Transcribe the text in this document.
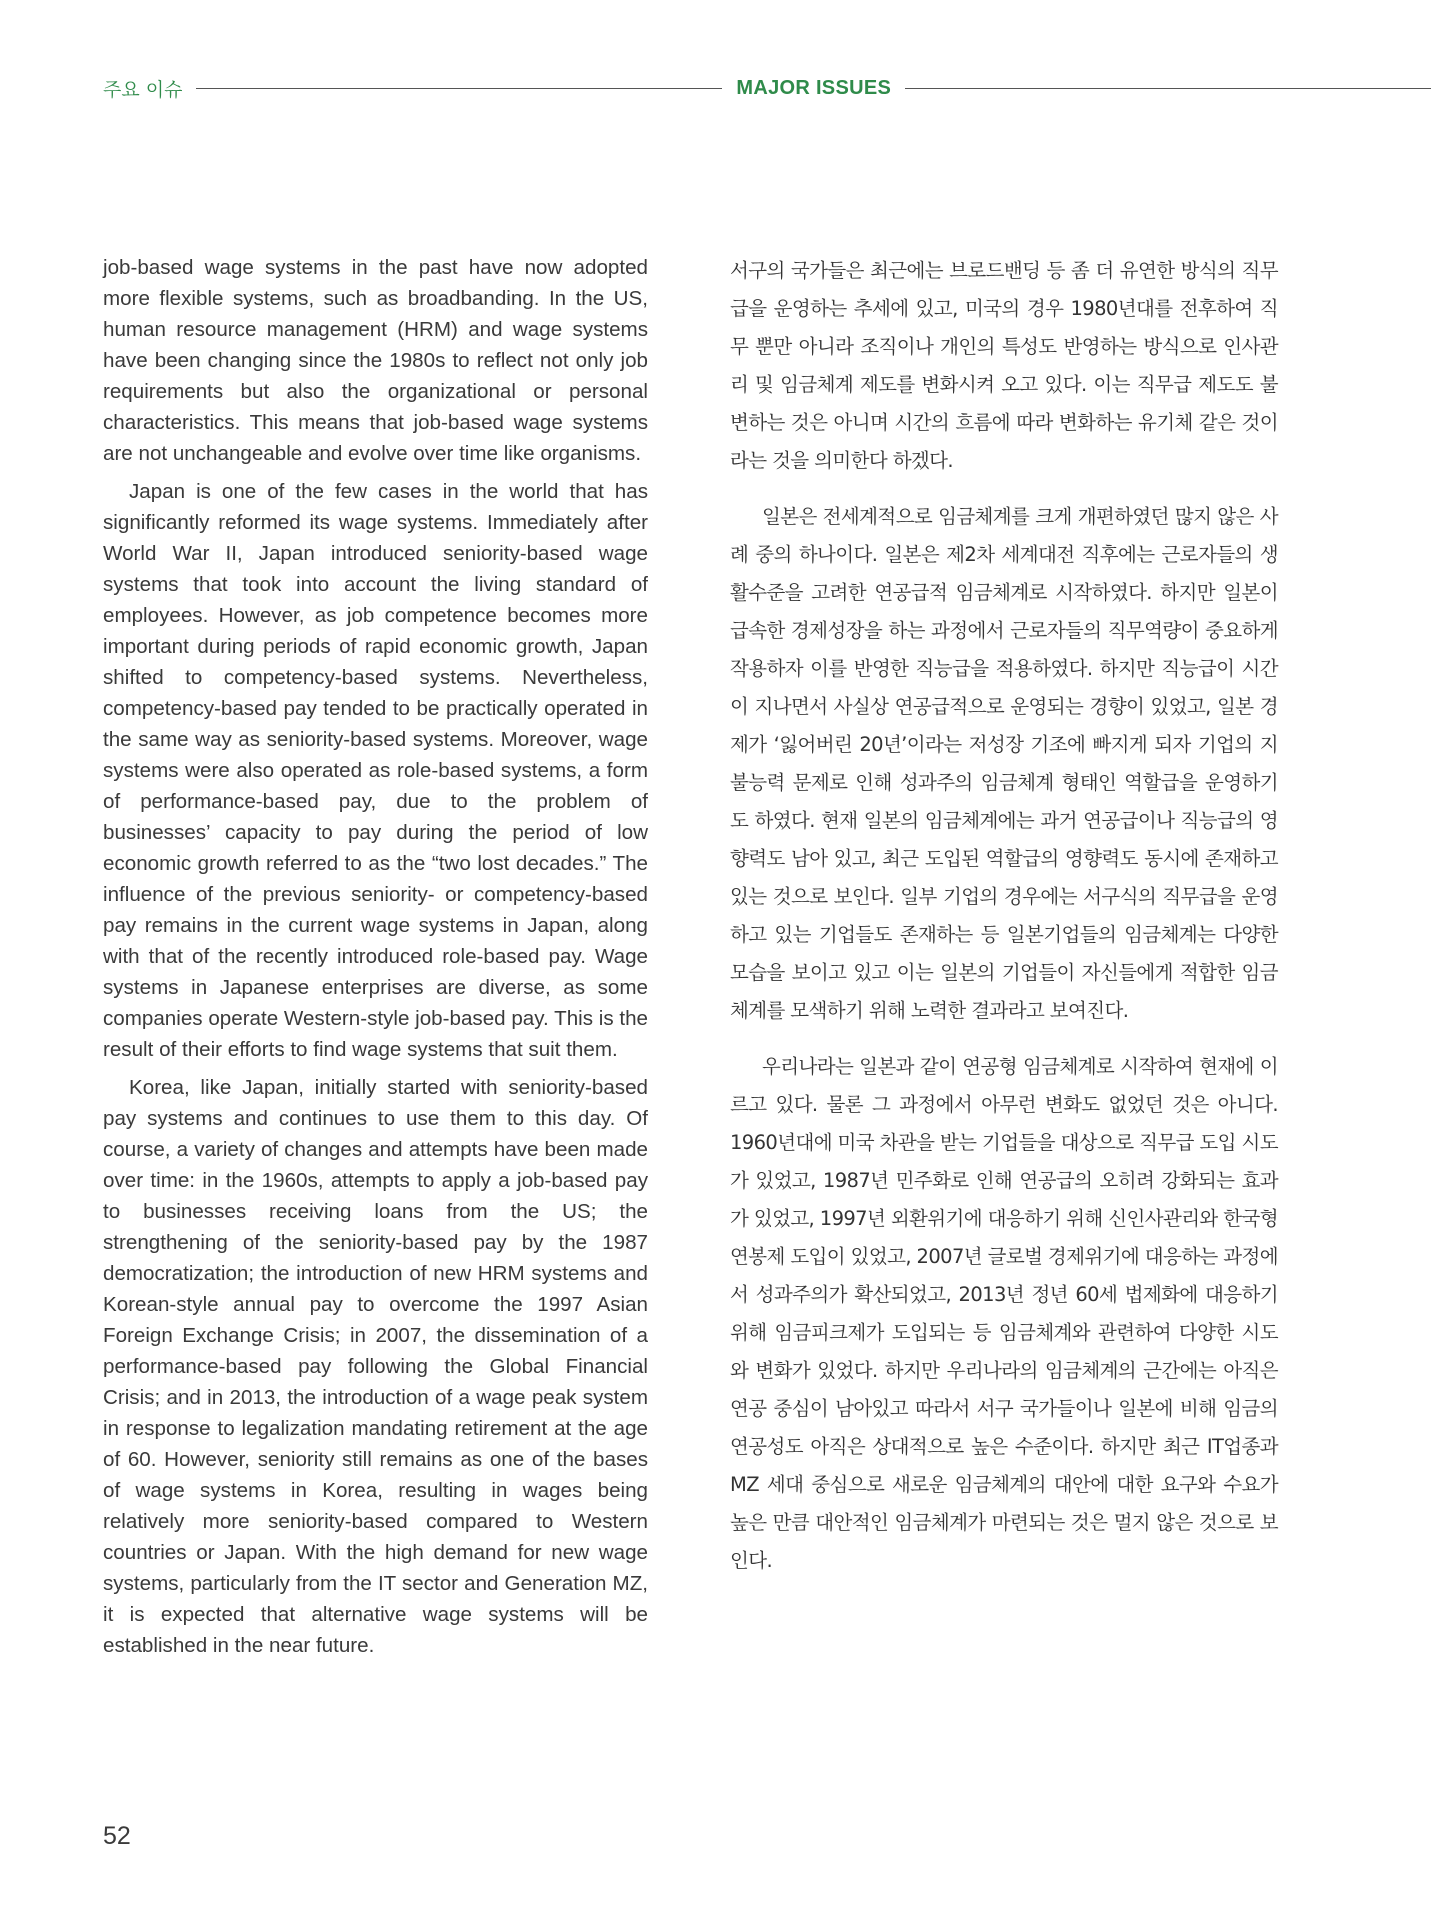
주요 이슈	MAJOR ISSUES

job-based wage systems in the past have now adopted more flexible systems, such as broadbanding. In the US, human resource management (HRM) and wage systems have been changing since the 1980s to reflect not only job requirements but also the organizational or personal characteristics. This means that job-based wage systems are not unchangeable and evolve over time like organisms.

Japan is one of the few cases in the world that has significantly reformed its wage systems. Immediately after World War II, Japan introduced seniority-based wage systems that took into account the living standard of employees. However, as job competence becomes more important during periods of rapid economic growth, Japan shifted to competency-based systems. Nevertheless, competency-based pay tended to be practically operated in the same way as seniority-based systems. Moreover, wage systems were also operated as role-based systems, a form of performance-based pay, due to the problem of businesses’ capacity to pay during the period of low economic growth referred to as the “two lost decades.” The influence of the previous seniority- or competency-based pay remains in the current wage systems in Japan, along with that of the recently introduced role-based pay. Wage systems in Japanese enterprises are diverse, as some companies operate Western-style job-based pay. This is the result of their efforts to find wage systems that suit them.

Korea, like Japan, initially started with seniority-based pay systems and continues to use them to this day. Of course, a variety of changes and attempts have been made over time: in the 1960s, attempts to apply a job-based pay to businesses receiving loans from the US; the strengthening of the seniority-based pay by the 1987 democratization; the introduction of new HRM systems and Korean-style annual pay to overcome the 1997 Asian Foreign Exchange Crisis; in 2007, the dissemination of a performance-based pay following the Global Financial Crisis; and in 2013, the introduction of a wage peak system in response to legalization mandating retirement at the age of 60. However, seniority still remains as one of the bases of wage systems in Korea, resulting in wages being relatively more seniority-based compared to Western countries or Japan. With the high demand for new wage systems, particularly from the IT sector and Generation MZ, it is expected that alternative wage systems will be established in the near future.

서구의 국가들은 최근에는 브로드밴딩 등 좀 더 유연한 방식의 직무급을 운영하는 추세에 있고, 미국의 경우 1980년대를 전후하여 직무 뿐만 아니라 조직이나 개인의 특성도 반영하는 방식으로 인사관리 및 임금체계 제도를 변화시켜 오고 있다. 이는 직무급 제도도 불변하는 것은 아니며 시간의 흐름에 따라 변화하는 유기체 같은 것이라는 것을 의미한다 하겠다.

일본은 전세계적으로 임금체계를 크게 개편하였던 많지 않은 사례 중의 하나이다. 일본은 제2차 세계대전 직후에는 근로자들의 생활수준을 고려한 연공급적 임금체계로 시작하였다. 하지만 일본이 급속한 경제성장을 하는 과정에서 근로자들의 직무역량이 중요하게 작용하자 이를 반영한 직능급을 적용하였다. 하지만 직능급이 시간이 지나면서 사실상 연공급적으로 운영되는 경향이 있었고, 일본 경제가 ‘잃어버린 20년’이라는 저성장 기조에 빠지게 되자 기업의 지불능력 문제로 인해 성과주의 임금체계 형태인 역할급을 운영하기도 하였다. 현재 일본의 임금체계에는 과거 연공급이나 직능급의 영향력도 남아 있고, 최근 도입된 역할급의 영향력도 동시에 존재하고 있는 것으로 보인다. 일부 기업의 경우에는 서구식의 직무급을 운영하고 있는 기업들도 존재하는 등 일본기업들의 임금체계는 다양한 모습을 보이고 있고 이는 일본의 기업들이 자신들에게 적합한 임금체계를 모색하기 위해 노력한 결과라고 보여진다.

우리나라는 일본과 같이 연공형 임금체계로 시작하여 현재에 이르고 있다. 물론 그 과정에서 아무런 변화도 없었던 것은 아니다. 1960년대에 미국 차관을 받는 기업들을 대상으로 직무급 도입 시도가 있었고, 1987년 민주화로 인해 연공급의 오히려 강화되는 효과가 있었고, 1997년 외환위기에 대응하기 위해 신인사관리와 한국형 연봉제 도입이 있었고, 2007년 글로벌 경제위기에 대응하는 과정에서 성과주의가 확산되었고, 2013년 정년 60세 법제화에 대응하기 위해 임금피크제가 도입되는 등 임금체계와 관련하여 다양한 시도와 변화가 있었다. 하지만 우리나라의 임금체계의 근간에는 아직은 연공 중심이 남아있고 따라서 서구 국가들이나 일본에 비해 임금의 연공성도 아직은 상대적으로 높은 수준이다. 하지만 최근 IT업종과 MZ 세대 중심으로 새로운 임금체계의 대안에 대한 요구와 수요가 높은 만큼 대안적인 임금체계가 마련되는 것은 멀지 않은 것으로 보인다.

52
